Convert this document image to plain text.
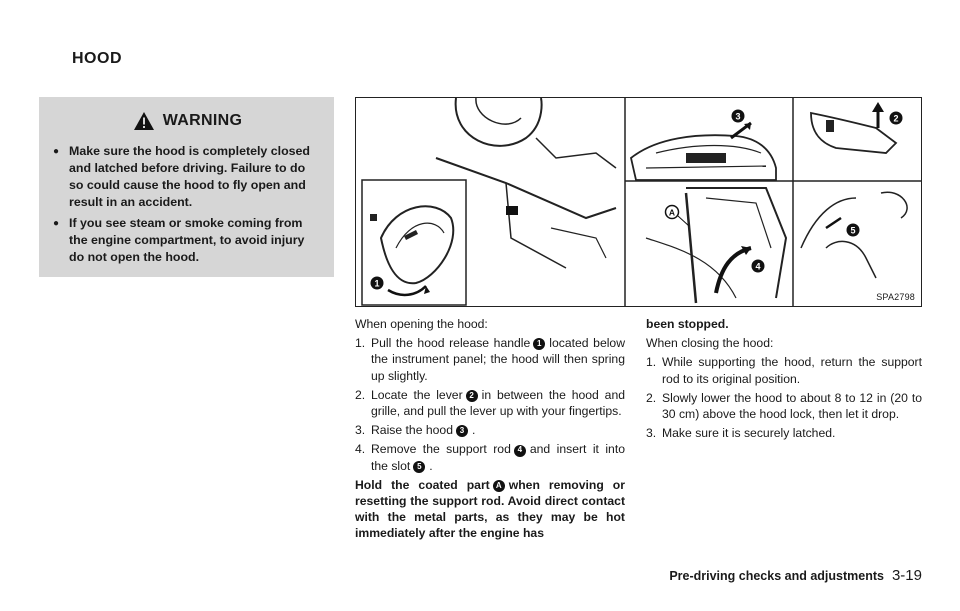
HOOD
WARNING
● Make sure the hood is completely closed and latched before driving. Failure to do so could cause the hood to fly open and result in an accident.
● If you see steam or smoke coming from the engine compartment, to avoid injury do not open the hood.
1
3	2
4
A
5
SPA2798
When opening the hood:
1. Pull the hood release handle 1 located below the instrument panel; the hood will then spring up slightly.
2. Locate the lever 2 in between the hood and grille, and pull the lever up with your fingertips.
3. Raise the hood 3 .
4. Remove the support rod 4 and insert it into the slot 5 .
Hold the coated part A when removing or resetting the support rod. Avoid direct contact with the metal parts, as they may be hot immediately after the engine has
been stopped.
When closing the hood:
1. While supporting the hood, return the support rod to its original position.
2. Slowly lower the hood to about 8 to 12 in (20 to 30 cm) above the hood lock, then let it drop.
3. Make sure it is securely latched.
Pre-driving checks and adjustments 3-19
